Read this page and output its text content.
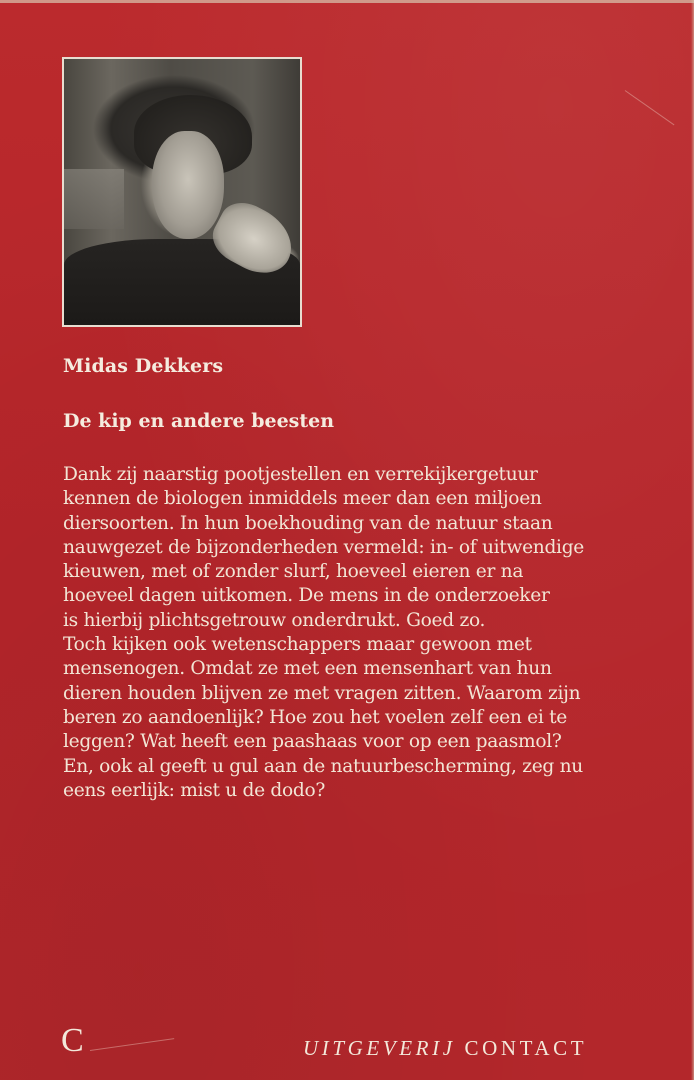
Midas Dekkers
De kip en andere beesten
Dank zij naarstig pootjestellen en verrekijkergetuur
kennen de biologen inmiddels meer dan een miljoen
diersoorten. In hun boekhouding van de natuur staan
nauwgezet de bijzonderheden vermeld: in- of uitwendige
kieuwen, met of zonder slurf, hoeveel eieren er na
hoeveel dagen uitkomen. De mens in de onderzoeker
is hierbij plichtsgetrouw onderdrukt. Goed zo.
Toch kijken ook wetenschappers maar gewoon met
mensenogen. Omdat ze met een mensenhart van hun
dieren houden blijven ze met vragen zitten. Waarom zijn
beren zo aandoenlijk? Hoe zou het voelen zelf een ei te
leggen? Wat heeft een paashaas voor op een paasmol?
En, ook al geeft u gul aan de natuurbescherming, zeg nu
eens eerlijk: mist u de dodo?
C	UITGEVERIJ CONTACT
